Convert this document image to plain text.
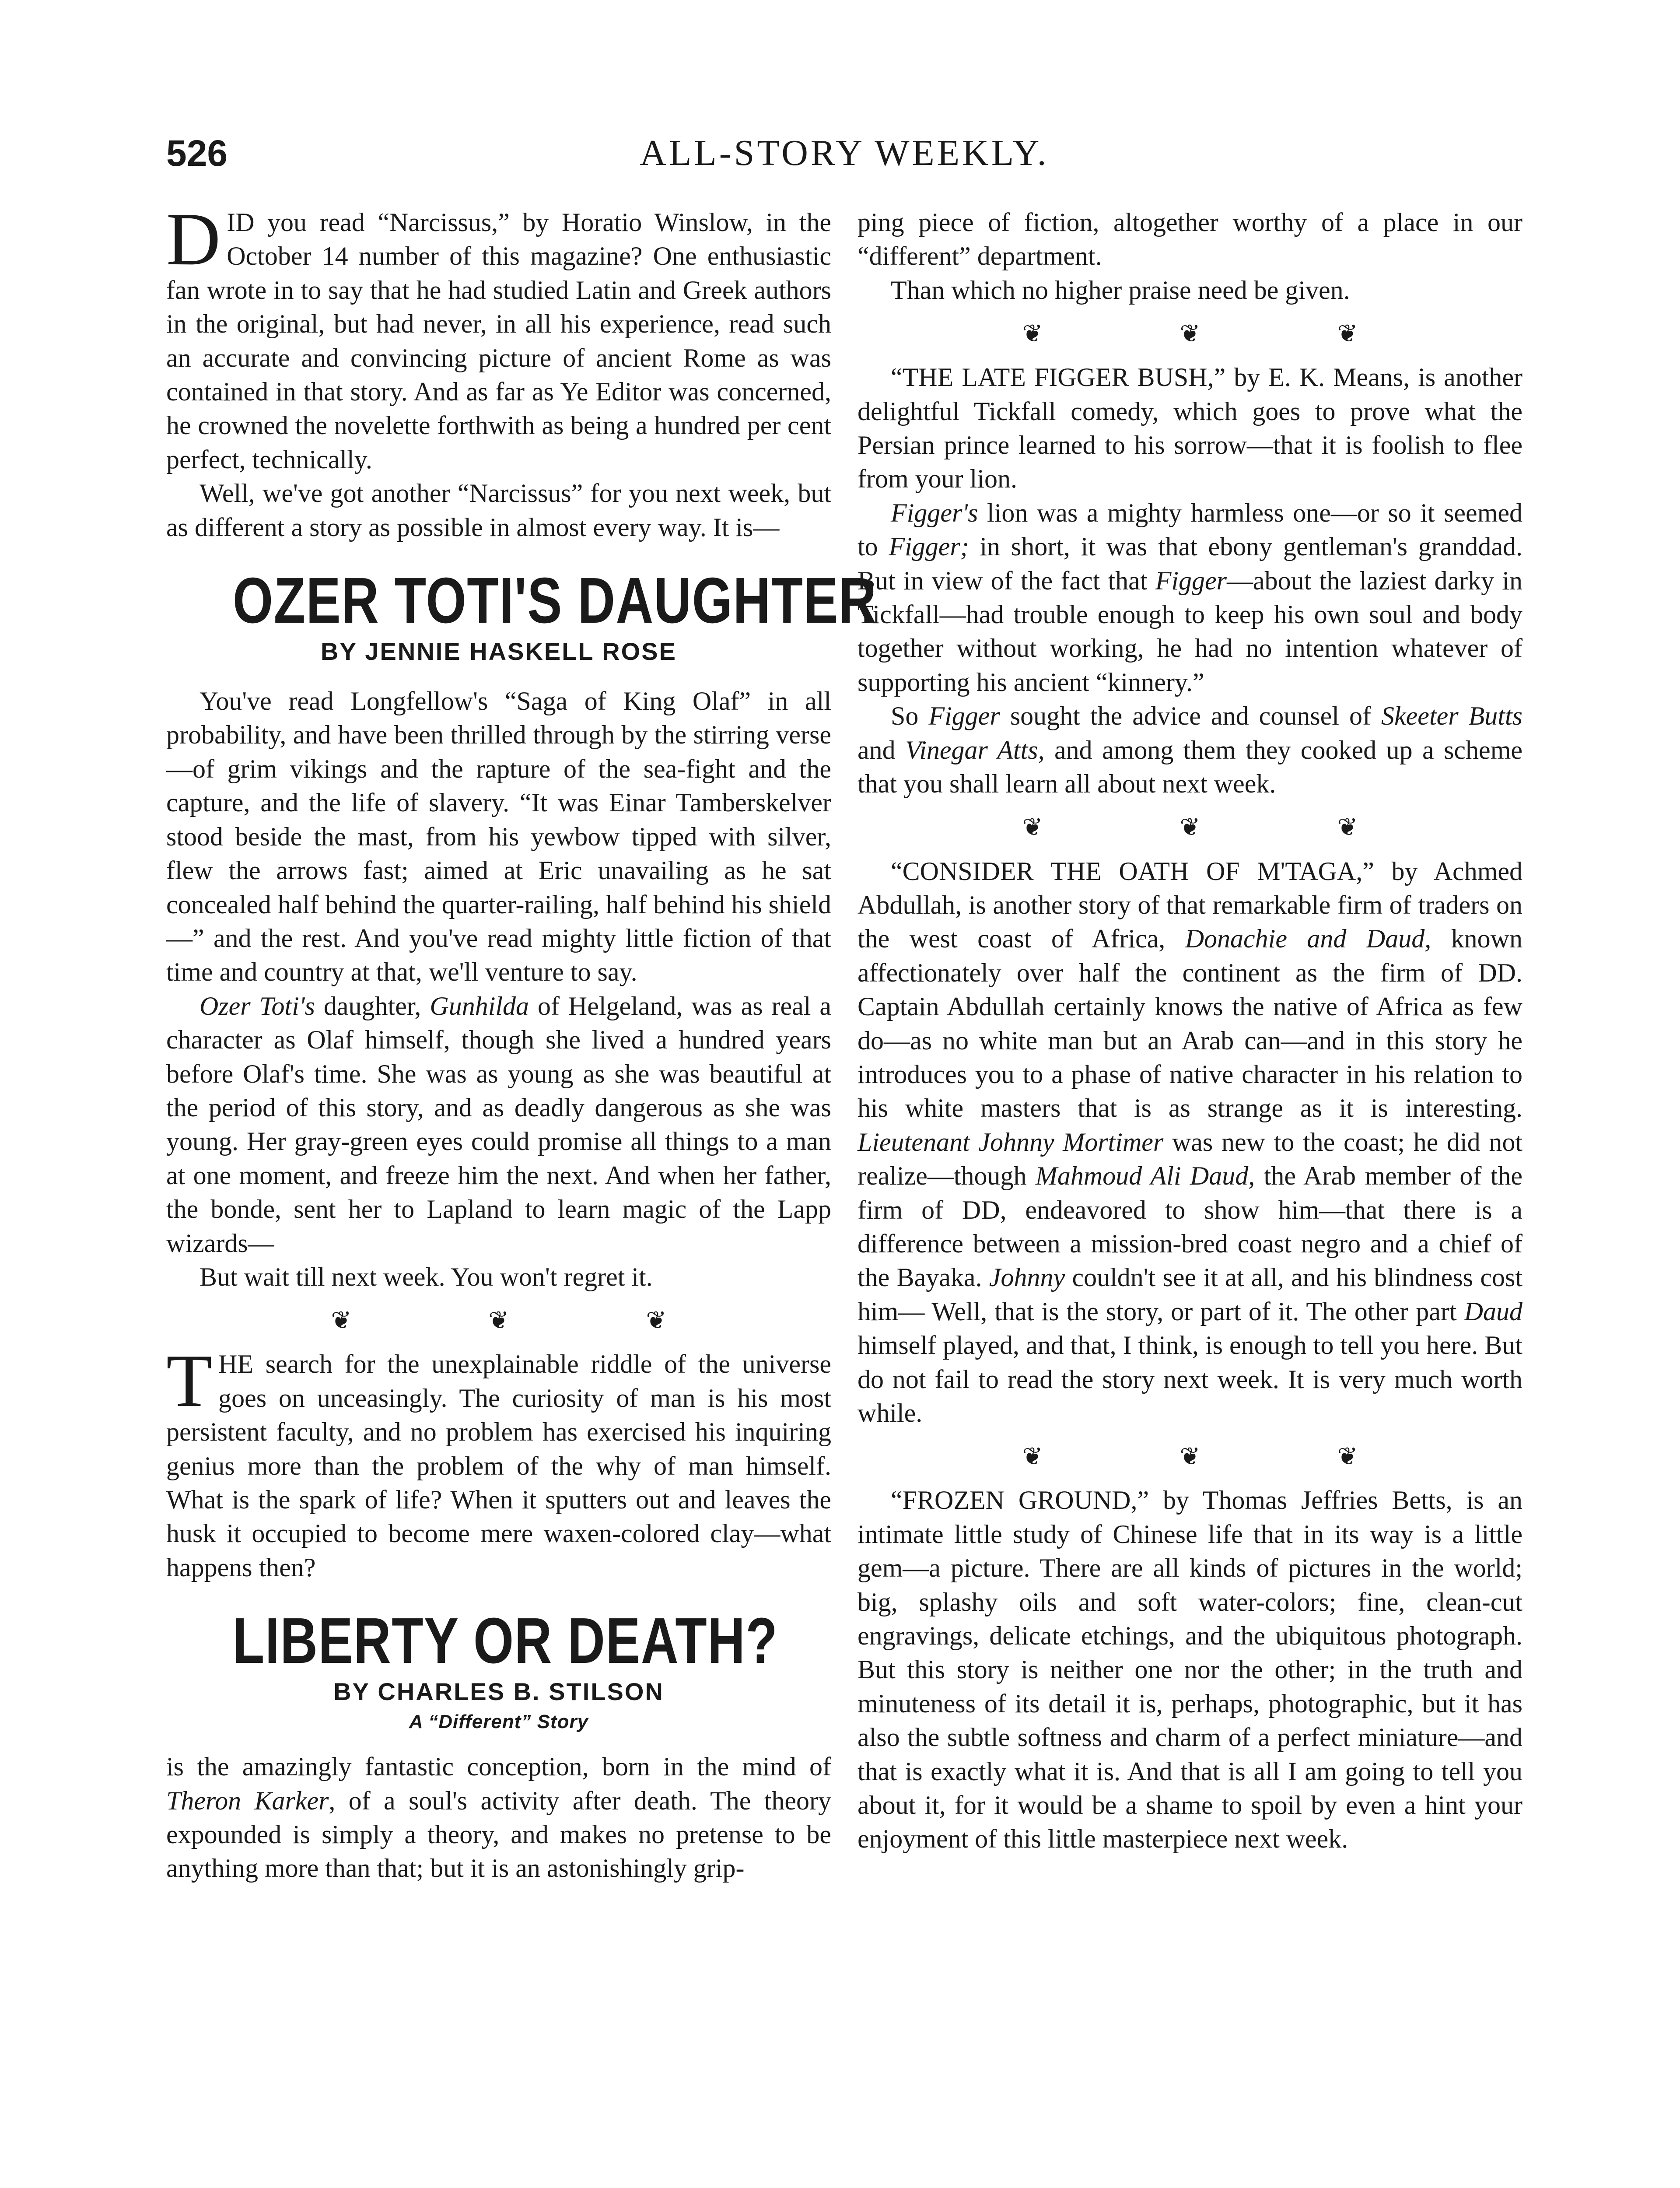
526	ALL-STORY WEEKLY.

DID you read “Narcissus,” by Horatio Winslow, in the October 14 number of this magazine? One enthusiastic fan wrote in to say that he had studied Latin and Greek authors in the original, but had never, in all his experience, read such an accurate and convincing picture of ancient Rome as was contained in that story. And as far as Ye Editor was concerned, he crowned the novelette forthwith as being a hundred per cent perfect, technically.

Well, we've got another “Narcissus” for you next week, but as different a story as possible in almost every way. It is—

OZER TOTI'S DAUGHTER
BY JENNIE HASKELL ROSE

You've read Longfellow's “Saga of King Olaf” in all probability, and have been thrilled through by the stirring verse—of grim vikings and the rapture of the sea-fight and the capture, and the life of slavery. “It was Einar Tamberskelver stood beside the mast, from his yewbow tipped with silver, flew the arrows fast; aimed at Eric unavailing as he sat concealed half behind the quarter-railing, half behind his shield—” and the rest. And you've read mighty little fiction of that time and country at that, we'll venture to say.

Ozer Toti's daughter, Gunhilda of Helgeland, was as real a character as Olaf himself, though she lived a hundred years before Olaf's time. She was as young as she was beautiful at the period of this story, and as deadly dangerous as she was young. Her gray-green eyes could promise all things to a man at one moment, and freeze him the next. And when her father, the bonde, sent her to Lapland to learn magic of the Lapp wizards—

But wait till next week. You won't regret it.

❦	❦	❦

THE search for the unexplainable riddle of the universe goes on unceasingly. The curiosity of man is his most persistent faculty, and no problem has exercised his inquiring genius more than the problem of the why of man himself. What is the spark of life? When it sputters out and leaves the husk it occupied to become mere waxen-colored clay—what happens then?

LIBERTY OR DEATH?
BY CHARLES B. STILSON
A “Different” Story

is the amazingly fantastic conception, born in the mind of Theron Karker, of a soul's activity after death. The theory expounded is simply a theory, and makes no pretense to be anything more than that; but it is an astonishingly grip-

ping piece of fiction, altogether worthy of a place in our “different” department.

Than which no higher praise need be given.

❦	❦	❦

“THE LATE FIGGER BUSH,” by E. K. Means, is another delightful Tickfall comedy, which goes to prove what the Persian prince learned to his sorrow—that it is foolish to flee from your lion.

Figger's lion was a mighty harmless one—or so it seemed to Figger; in short, it was that ebony gentleman's granddad. But in view of the fact that Figger—about the laziest darky in Tickfall—had trouble enough to keep his own soul and body together without working, he had no intention whatever of supporting his ancient “kinnery.”

So Figger sought the advice and counsel of Skeeter Butts and Vinegar Atts, and among them they cooked up a scheme that you shall learn all about next week.

❦	❦	❦

“CONSIDER THE OATH OF M'TAGA,” by Achmed Abdullah, is another story of that remarkable firm of traders on the west coast of Africa, Donachie and Daud, known affectionately over half the continent as the firm of DD. Captain Abdullah certainly knows the native of Africa as few do—as no white man but an Arab can—and in this story he introduces you to a phase of native character in his relation to his white masters that is as strange as it is interesting. Lieutenant Johnny Mortimer was new to the coast; he did not realize—though Mahmoud Ali Daud, the Arab member of the firm of DD, endeavored to show him—that there is a difference between a mission-bred coast negro and a chief of the Bayaka. Johnny couldn't see it at all, and his blindness cost him— Well, that is the story, or part of it. The other part Daud himself played, and that, I think, is enough to tell you here. But do not fail to read the story next week. It is very much worth while.

❦	❦	❦

“FROZEN GROUND,” by Thomas Jeffries Betts, is an intimate little study of Chinese life that in its way is a little gem—a picture. There are all kinds of pictures in the world; big, splashy oils and soft water-colors; fine, clean-cut engravings, delicate etchings, and the ubiquitous photograph. But this story is neither one nor the other; in the truth and minuteness of its detail it is, perhaps, photographic, but it has also the subtle softness and charm of a perfect miniature—and that is exactly what it is. And that is all I am going to tell you about it, for it would be a shame to spoil by even a hint your enjoyment of this little masterpiece next week.
